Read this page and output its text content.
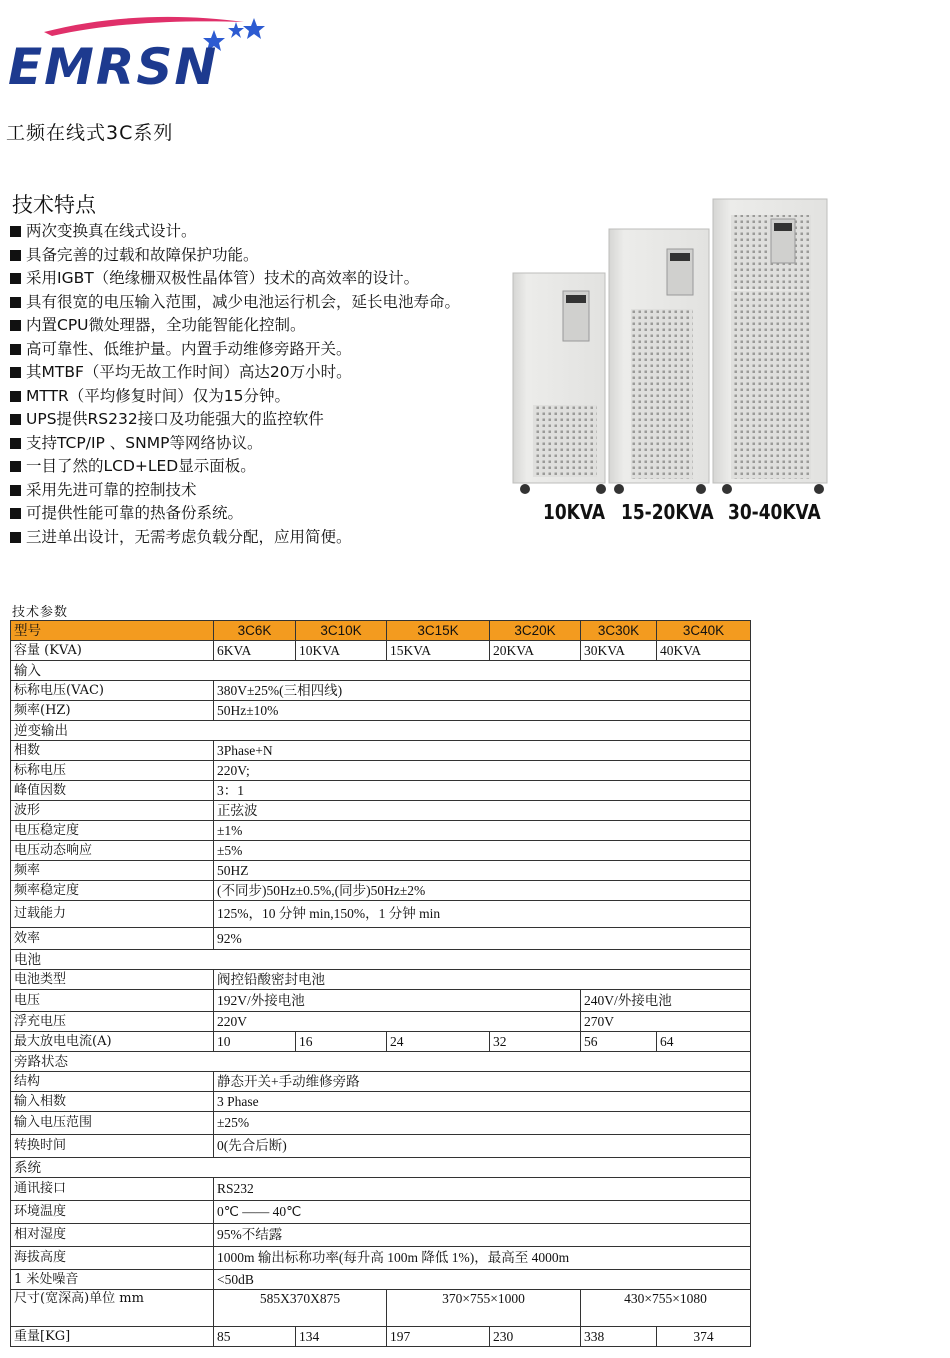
EMRSN
工频在线式3C系列
技术特点
两次变换真在线式设计。
具备完善的过载和故障保护功能。
采用IGBT（绝缘栅双极性晶体管）技术的高效率的设计。
具有很宽的电压输入范围，减少电池运行机会，延长电池寿命。
内置CPU微处理器，全功能智能化控制。
高可靠性、低维护量。内置手动维修旁路开关。
其MTBF（平均无故工作时间）高达20万小时。
MTTR（平均修复时间）仅为15分钟。
UPS提供RS232接口及功能强大的监控软件
支持TCP/IP 、SNMP等网络协议。
一目了然的LCD+LED显示面板。
采用先进可靠的控制技术
可提供性能可靠的热备份系统。
三进单出设计，无需考虑负载分配，应用简便。
10KVA 15-20KVA 30-40KVA
技术参数
型号	3C6K	3C10K	3C15K	3C20K	3C30K	3C40K
容量 (KVA)	6KVA	10KVA	15KVA	20KVA	30KVA	40KVA
输入						
标称电压(VAC)	380V±25%(三相四线)					
频率(HZ)	50Hz±10%					
逆变输出						
相数	3Phase+N					
标称电压	220V;					
峰值因数	3：1					
波形	正弦波					
电压稳定度	±1%					
电压动态响应	±5%					
频率	50HZ					
频率稳定度	(不同步)50Hz±0.5%,(同步)50Hz±2%					
过载能力	125%，10 分钟 min,150%，1 分钟 min					
效率	92%					
电池						
电池类型	阀控铅酸密封电池					
电压	192V/外接电池				240V/外接电池	
浮充电压	220V				270V	
最大放电电流(A)	10	16	24	32	56	64
旁路状态						
结构	静态开关+手动维修旁路					
输入相数	3 Phase					
输入电压范围	±25%					
转换时间	0(先合后断)					
系统						
通讯接口	RS232					
环境温度	0℃ —— 40℃					
相对湿度	95%不结露					
海拔高度	1000m 输出标称功率(每升高 100m 降低 1%)，最高至 4000m					
1 米处噪音	<50dB					
尺寸(宽深高)单位 mm	585X370X875		370×755×1000		430×755×1080	
重量[KG]	85	134	197	230	338	374
